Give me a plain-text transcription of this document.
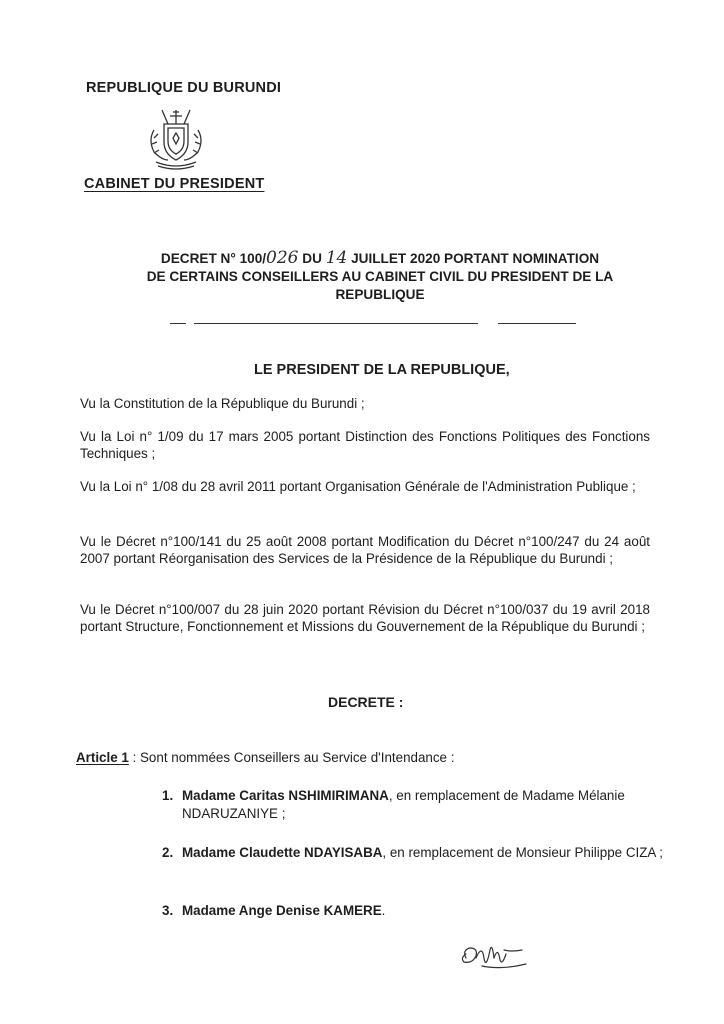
REPUBLIQUE DU BURUNDI
CABINET DU PRESIDENT
DECRET N° 100/026 DU 14 JUILLET 2020 PORTANT NOMINATION
DE CERTAINS CONSEILLERS AU CABINET CIVIL DU PRESIDENT DE LA
REPUBLIQUE
LE PRESIDENT DE LA REPUBLIQUE,
Vu la Constitution de la République du Burundi ;
Vu la Loi n° 1/09 du 17 mars 2005 portant Distinction des Fonctions Politiques des Fonctions Techniques ;
Vu la Loi n° 1/08 du 28 avril 2011 portant Organisation Générale de l'Administration Publique ;
Vu le Décret n°100/141 du 25 août 2008 portant Modification du Décret n°100/247 du 24 août 2007 portant Réorganisation des Services de la Présidence de la République du Burundi ;
Vu le Décret n°100/007 du 28 juin 2020 portant Révision du Décret n°100/037 du 19 avril 2018 portant Structure, Fonctionnement et Missions du Gouvernement de la République du Burundi ;
DECRETE :
Article 1 : Sont nommées Conseillers au Service d'Intendance :
1. Madame Caritas NSHIMIRIMANA, en remplacement de Madame Mélanie NDARUZANIYE ;
2. Madame Claudette NDAYISABA, en remplacement de Monsieur Philippe CIZA ;
3. Madame Ange Denise KAMERE.
